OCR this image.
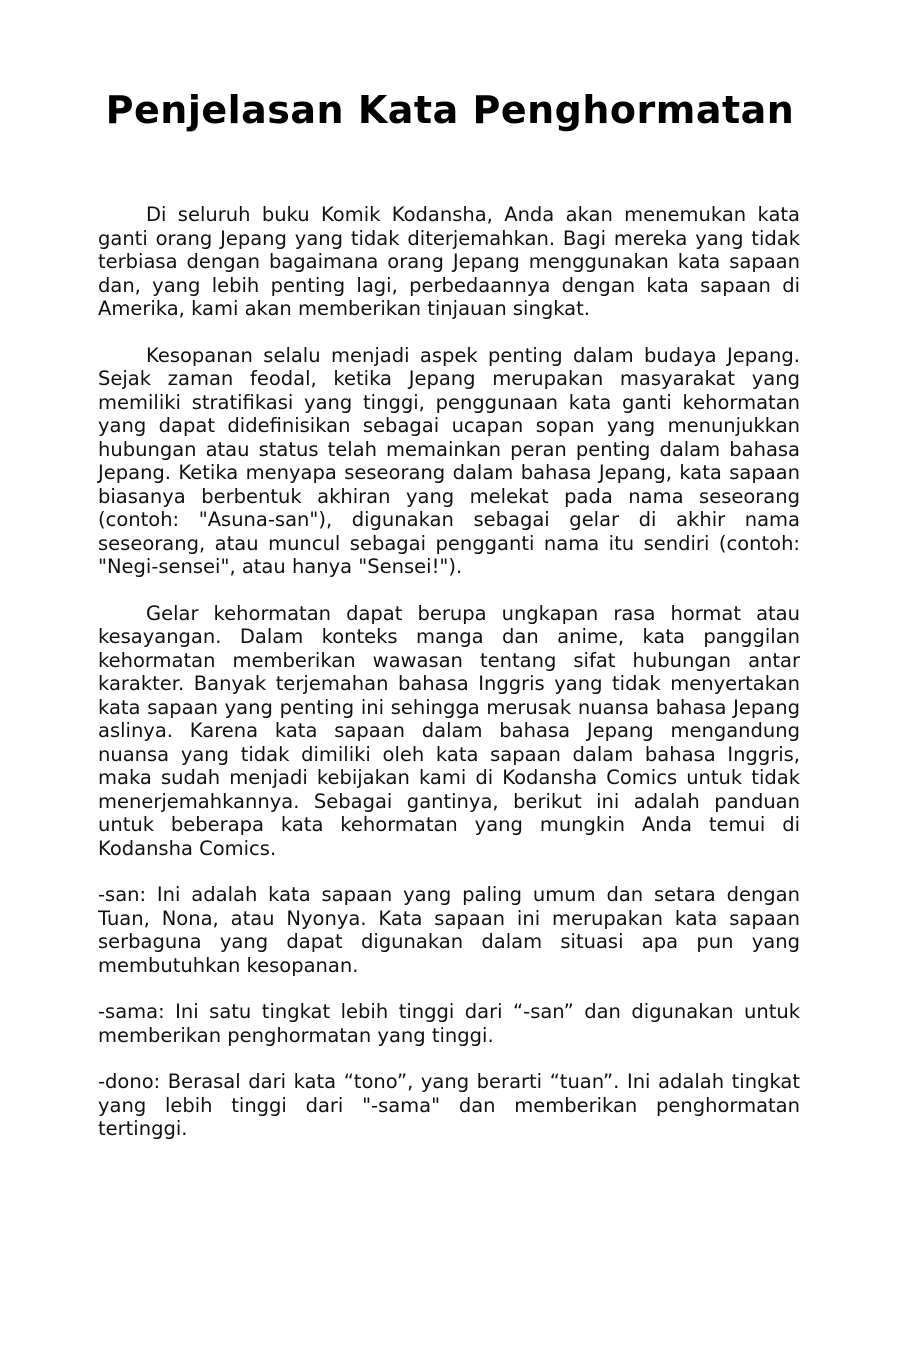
Penjelasan Kata Penghormatan

Di seluruh buku Komik Kodansha, Anda akan menemukan kata ganti orang Jepang yang tidak diterjemahkan. Bagi mereka yang tidak terbiasa dengan bagaimana orang Jepang menggunakan kata sapaan dan, yang lebih penting lagi, perbedaannya dengan kata sapaan di Amerika, kami akan memberikan tinjauan singkat.

Kesopanan selalu menjadi aspek penting dalam budaya Jepang. Sejak zaman feodal, ketika Jepang merupakan masyarakat yang memiliki stratifikasi yang tinggi, penggunaan kata ganti kehormatan yang dapat didefinisikan sebagai ucapan sopan yang menunjukkan hubungan atau status telah memainkan peran penting dalam bahasa Jepang. Ketika menyapa seseorang dalam bahasa Jepang, kata sapaan biasanya berbentuk akhiran yang melekat pada nama seseorang (contoh: "Asuna-san"), digunakan sebagai gelar di akhir nama seseorang, atau muncul sebagai pengganti nama itu sendiri (contoh: "Negi-sensei", atau hanya "Sensei!").

Gelar kehormatan dapat berupa ungkapan rasa hormat atau kesayangan. Dalam konteks manga dan anime, kata panggilan kehormatan memberikan wawasan tentang sifat hubungan antar karakter. Banyak terjemahan bahasa Inggris yang tidak menyertakan kata sapaan yang penting ini sehingga merusak nuansa bahasa Jepang aslinya. Karena kata sapaan dalam bahasa Jepang mengandung nuansa yang tidak dimiliki oleh kata sapaan dalam bahasa Inggris, maka sudah menjadi kebijakan kami di Kodansha Comics untuk tidak menerjemahkannya. Sebagai gantinya, berikut ini adalah panduan untuk beberapa kata kehormatan yang mungkin Anda temui di Kodansha Comics.

-san: Ini adalah kata sapaan yang paling umum dan setara dengan Tuan, Nona, atau Nyonya. Kata sapaan ini merupakan kata sapaan serbaguna yang dapat digunakan dalam situasi apa pun yang membutuhkan kesopanan.

-sama: Ini satu tingkat lebih tinggi dari “-san” dan digunakan untuk memberikan penghormatan yang tinggi.

-dono: Berasal dari kata “tono”, yang berarti “tuan”. Ini adalah tingkat yang lebih tinggi dari "-sama" dan memberikan penghormatan tertinggi.
